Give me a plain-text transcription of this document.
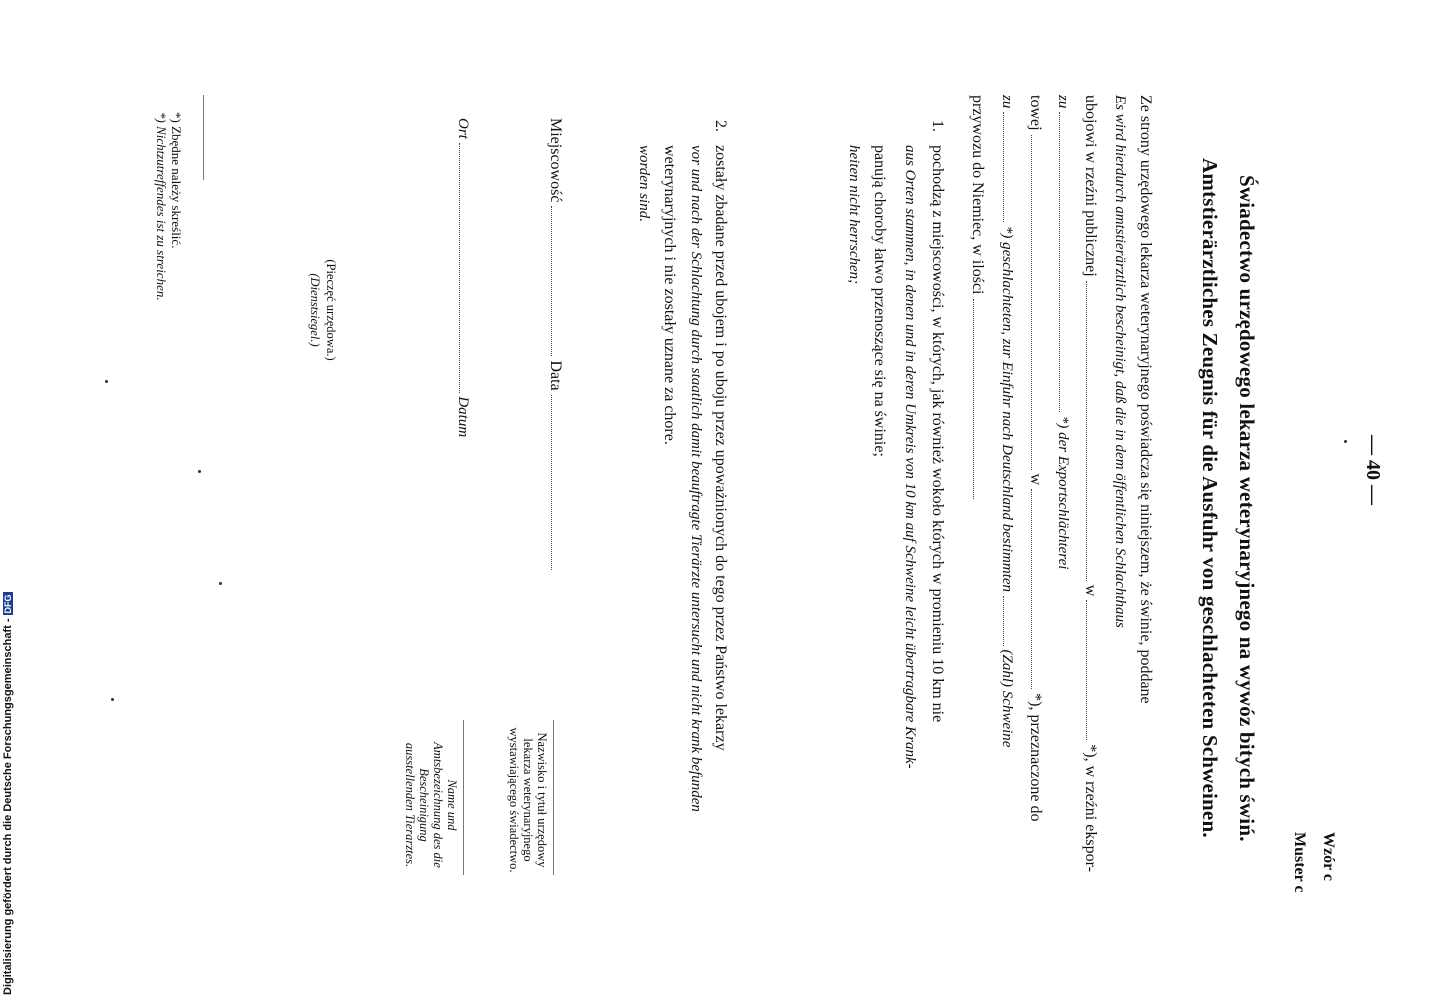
— 40 —
Wzór c
Muster c
Świadectwo urzędowego lekarza weterynaryjnego na wywóz bitych świń.
Amtstierärztliches Zeugnis für die Ausfuhr von geschlachteten Schweinen.
Ze strony urzędowego lekarza weterynaryjnego poświadcza się niniejszem, że świnie, poddane
Es wird hierdurch amtstierärztlich bescheinigt, daß die in dem öffentlichen Schlachthaus
ubojowi w rzeźni publicznej  w  *), w rzeźni ekspor-
zu  *) der Exportschlächterei
towej  w  *), przeznaczone do
zu  *) geschlachteten, zur Einfuhr nach Deutschland bestimmten  (Zahl) Schweine
przywozu do Niemiec, w ilości
1.
pochodzą z miejscowości, w których, jak również wokoło których w promieniu 10 km nie
aus Orten stammen, in denen und in deren Umkreis von 10 km auf Schweine leicht übertragbare Krank-
panują choroby łatwo przenoszące się na świnie;
heiten nicht herrschen;
2.
zostały zbadane przed ubojem i po uboju przez upoważnionych do tego przez Państwo lekarzy
vor und nach der Schlachtung durch staatlich damit beauftragte Tierärzte untersucht und nicht krank befunden
weterynaryjnych i nie zostały uznane za chore.
worden sind.
Miejscowość  Data
Ort  Datum
Nazwisko i tytuł urzędowy lekarza weterynaryjnego wystawiającego świadectwo.
Name und Amtsbezeichnung des die Bescheinigung ausstellenden Tierarztes.
(Pieczęć urzędowa.)
(Dienstsiegel.)
*) Zbędne należy skreślić.
*) Nichtzutreffendes ist zu streichen.
Digitalisierung gefördert durch die Deutsche Forschungsgemeinschaft -DFG
